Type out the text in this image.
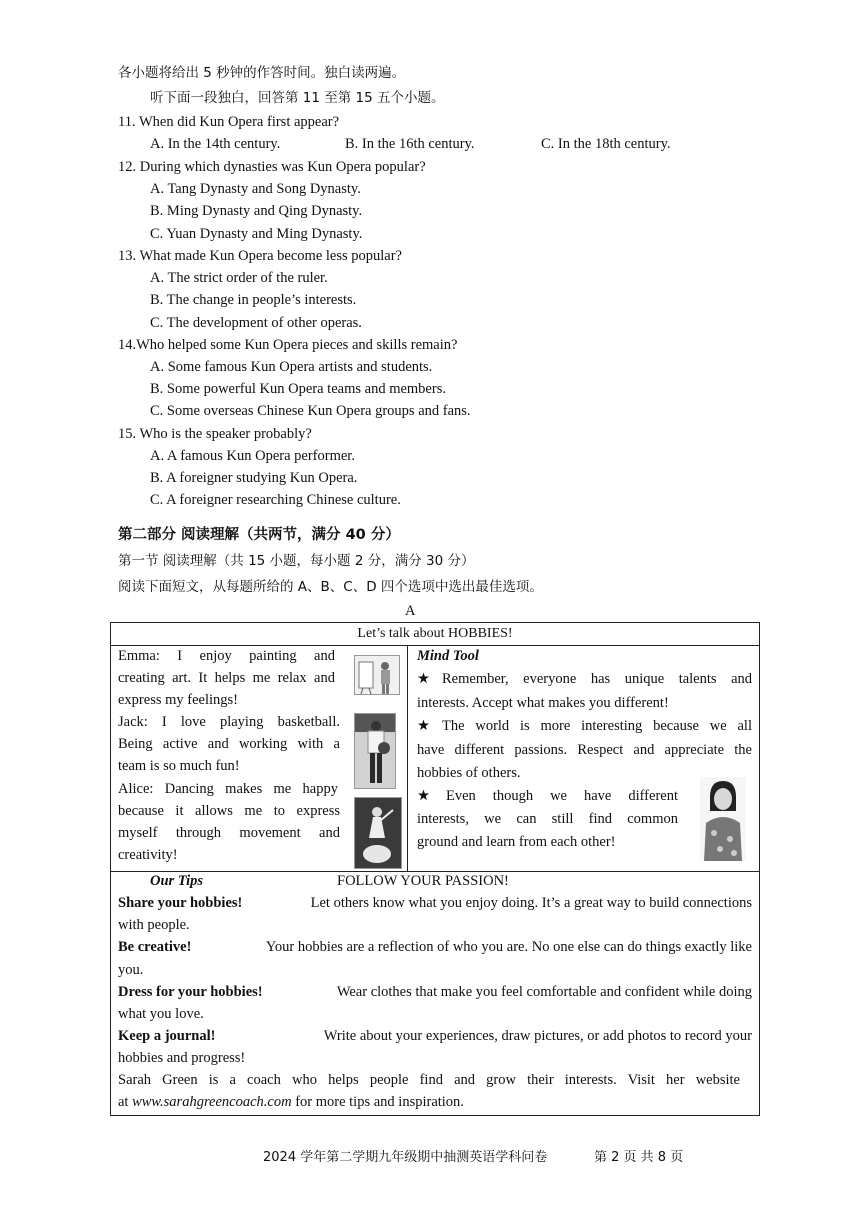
各小题将给出 5 秒钟的作答时间。独白读两遍。
听下面一段独白，回答第 11 至第 15 五个小题。
11. When did Kun Opera first appear?
A. In the 14th century.	B. In the 16th century.	C. In the 18th century.
12. During which dynasties was Kun Opera popular?
A. Tang Dynasty and Song Dynasty.
B. Ming Dynasty and Qing Dynasty.
C. Yuan Dynasty and Ming Dynasty.
13. What made Kun Opera become less popular?
A. The strict order of the ruler.
B. The change in people’s interests.
C. The development of other operas.
14.Who helped some Kun Opera pieces and skills remain?
A. Some famous Kun Opera artists and students.
B. Some powerful Kun Opera teams and members.
C. Some overseas Chinese Kun Opera groups and fans.
15. Who is the speaker probably?
A. A famous Kun Opera performer.
B. A foreigner studying Kun Opera.
C. A foreigner researching Chinese culture.
第二部分 阅读理解（共两节，满分 40 分）
第一节 阅读理解（共 15 小题，每小题 2 分，满分 30 分）
阅读下面短文，从每题所给的 A、B、C、D 四个选项中选出最佳选项。
A
Let’s talk about HOBBIES!
Emma: I enjoy painting and
creating art. It helps me relax and
express my feelings!
Jack: I love playing basketball.
Being active and working with a
team is so much fun!
Alice: Dancing makes me happy
because it allows me to express
myself through movement and
creativity!
Mind Tool
★ Remember, everyone has unique talents and
interests. Accept what makes you different!
★ The world is more interesting because we all
have different passions. Respect and appreciate the
hobbies of others.
★ Even though we have different
interests, we can still find common
ground and learn from each other!
Our Tips	FOLLOW YOUR PASSION!
Share your hobbies!	Let others know what you enjoy doing. It’s a great way to build connections
with people.
Be creative!	Your hobbies are a reflection of who you are. No one else can do things exactly like
you.
Dress for your hobbies!	Wear clothes that make you feel comfortable and confident while doing
what you love.
Keep a journal!	Write about your experiences, draw pictures, or add photos to record your
hobbies and progress!
Sarah Green is a coach who helps people find and grow their interests. Visit her website
at www.sarahgreencoach.com for more tips and inspiration.
2024 学年第二学期九年级期中抽测英语学科问卷	第 2 页 共 8 页
